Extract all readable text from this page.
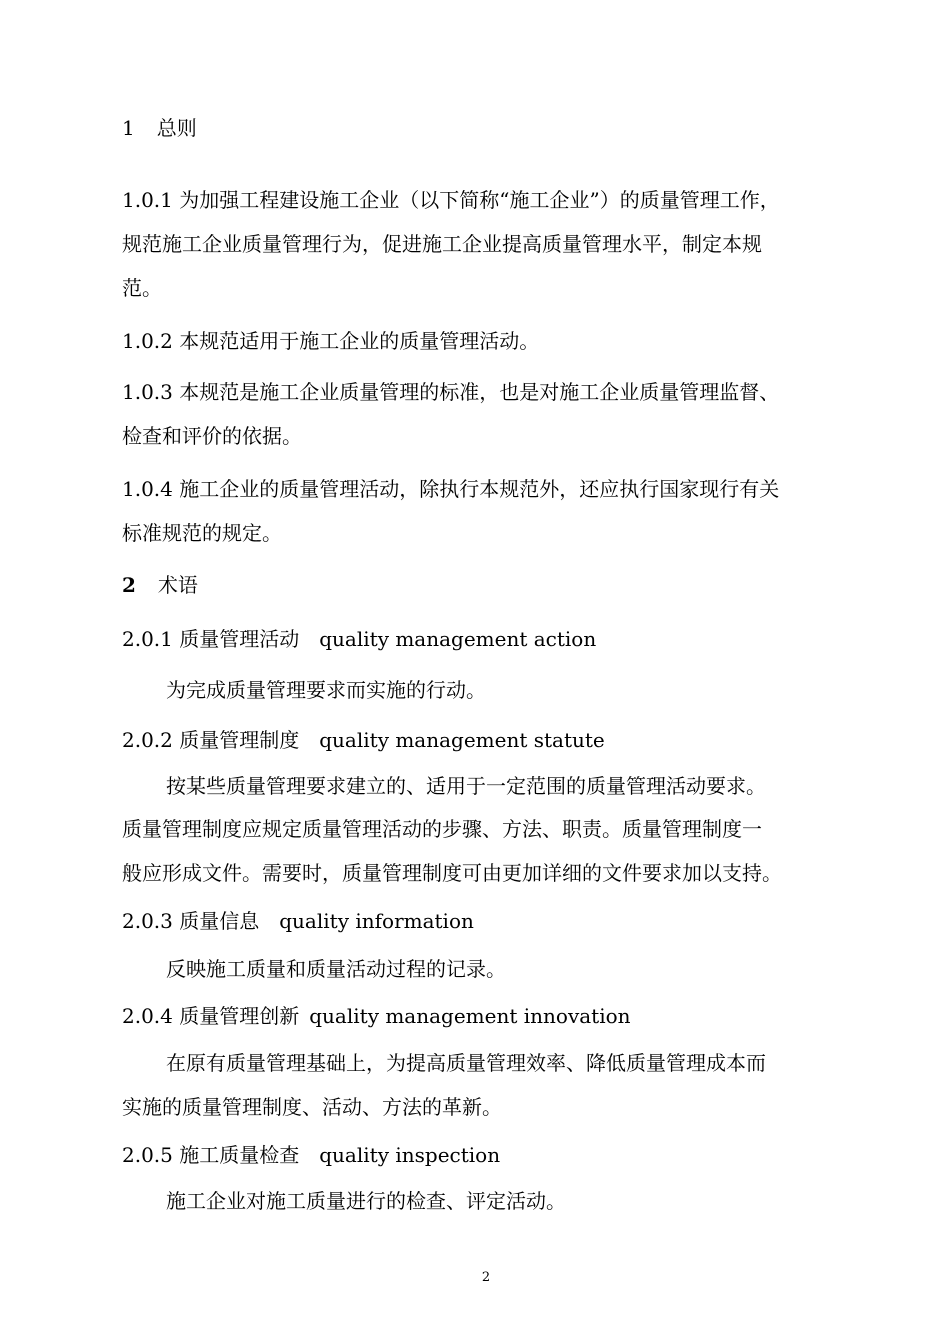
1 总则
1.0.1 为加强工程建设施工企业（以下简称“施工企业”）的质量管理工作，
规范施工企业质量管理行为，促进施工企业提高质量管理水平，制定本规
范。
1.0.2 本规范适用于施工企业的质量管理活动。
1.0.3 本规范是施工企业质量管理的标准，也是对施工企业质量管理监督、
检查和评价的依据。
1.0.4 施工企业的质量管理活动，除执行本规范外，还应执行国家现行有关
标准规范的规定。
2 术语
2.0.1 质量管理活动 quality management action
为完成质量管理要求而实施的行动。
2.0.2 质量管理制度 quality management statute
按某些质量管理要求建立的、适用于一定范围的质量管理活动要求。
质量管理制度应规定质量管理活动的步骤、方法、职责。质量管理制度一
般应形成文件。需要时，质量管理制度可由更加详细的文件要求加以支持。
2.0.3 质量信息 quality information
反映施工质量和质量活动过程的记录。
2.0.4 质量管理创新 quality management innovation
在原有质量管理基础上，为提高质量管理效率、降低质量管理成本而
实施的质量管理制度、活动、方法的革新。
2.0.5 施工质量检查 quality inspection
施工企业对施工质量进行的检查、评定活动。
2
